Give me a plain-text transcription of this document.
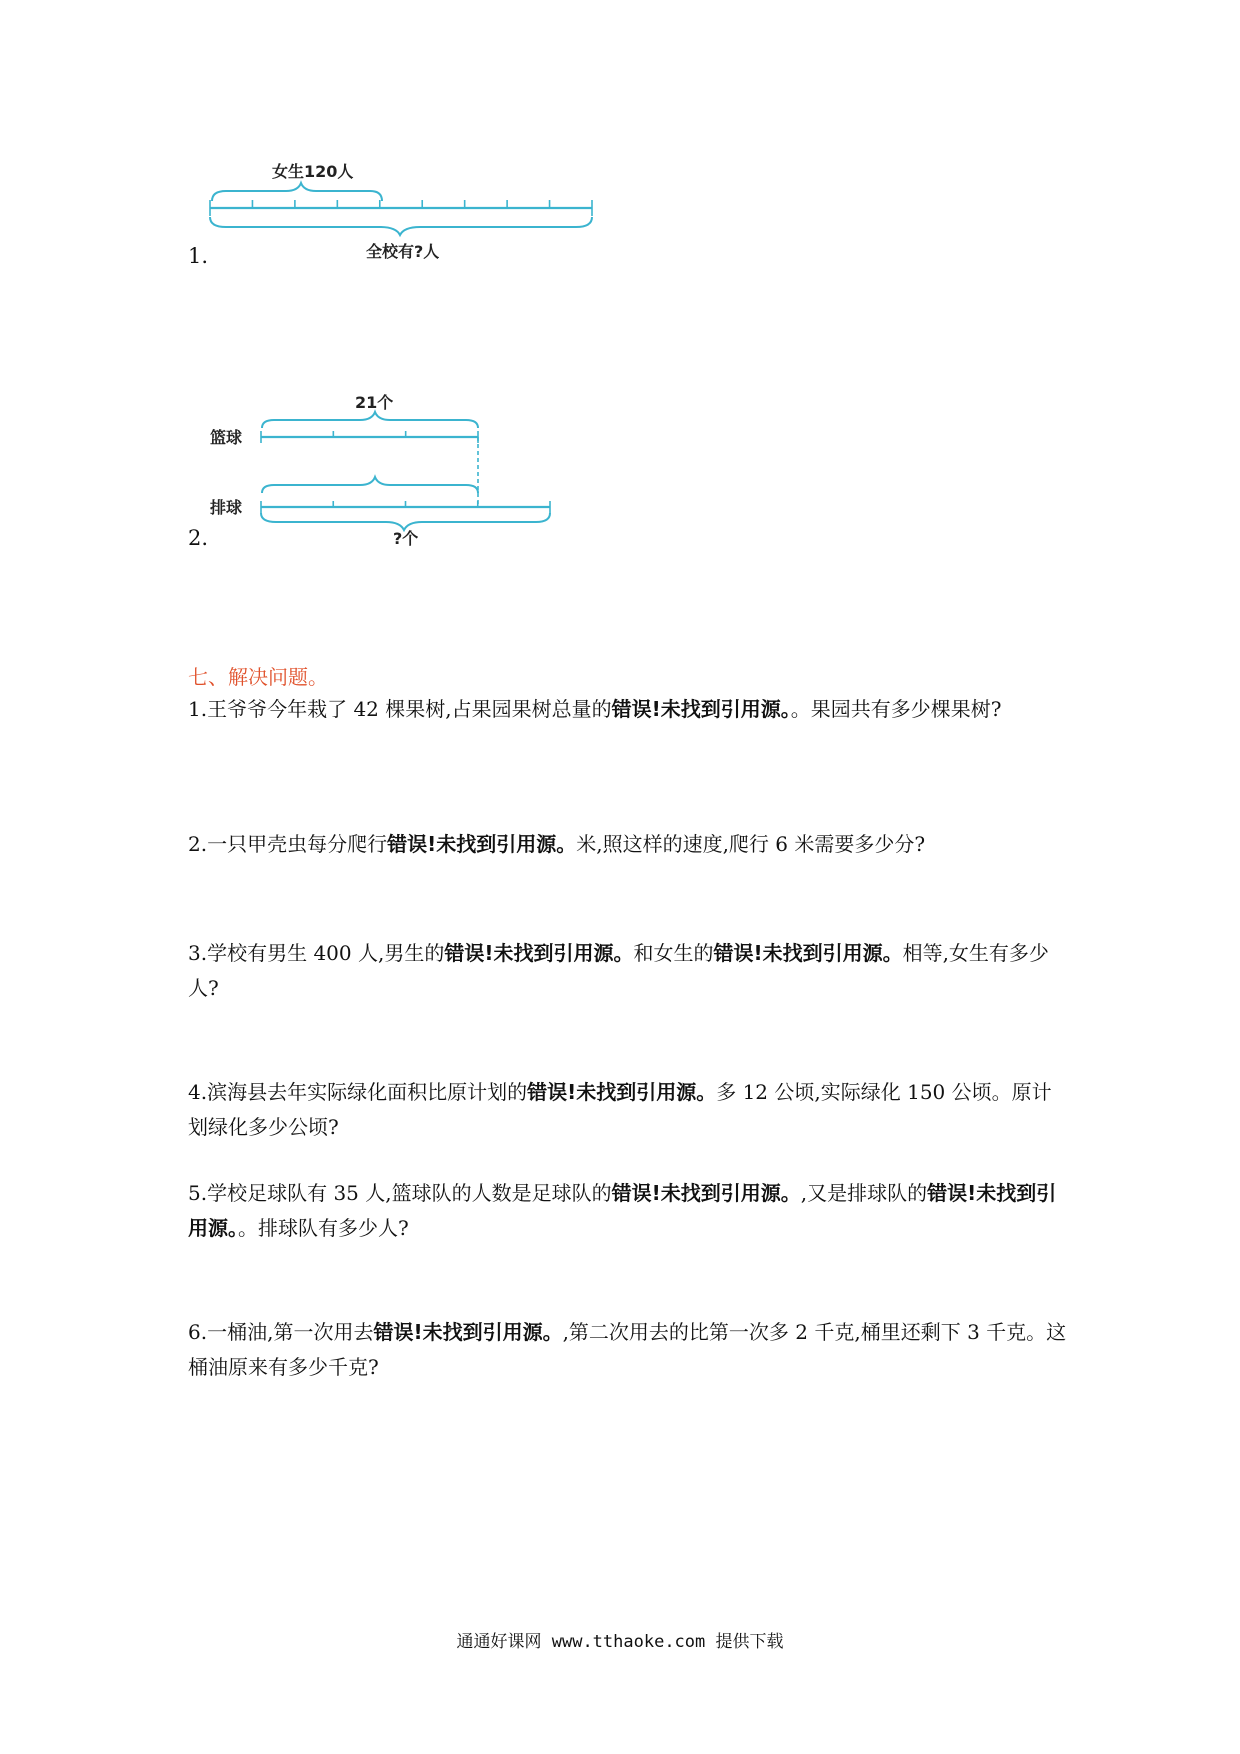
1.
女生120人
全校有?人
2.
21个
篮球
排球
?个
七、解决问题。
1.王爷爷今年栽了 42 棵果树,占果园果树总量的错误!未找到引用源。。果园共有多少棵果树?
2.一只甲壳虫每分爬行错误!未找到引用源。米,照这样的速度,爬行 6 米需要多少分?
3.学校有男生 400 人,男生的错误!未找到引用源。和女生的错误!未找到引用源。相等,女生有多少人?
4.滨海县去年实际绿化面积比原计划的错误!未找到引用源。多 12 公顷,实际绿化 150 公顷。原计划绿化多少公顷?
5.学校足球队有 35 人,篮球队的人数是足球队的错误!未找到引用源。,又是排球队的错误!未找到引用源。。排球队有多少人?
6.一桶油,第一次用去错误!未找到引用源。,第二次用去的比第一次多 2 千克,桶里还剩下 3 千克。这桶油原来有多少千克?
通通好课网 www.tthaoke.com 提供下载
